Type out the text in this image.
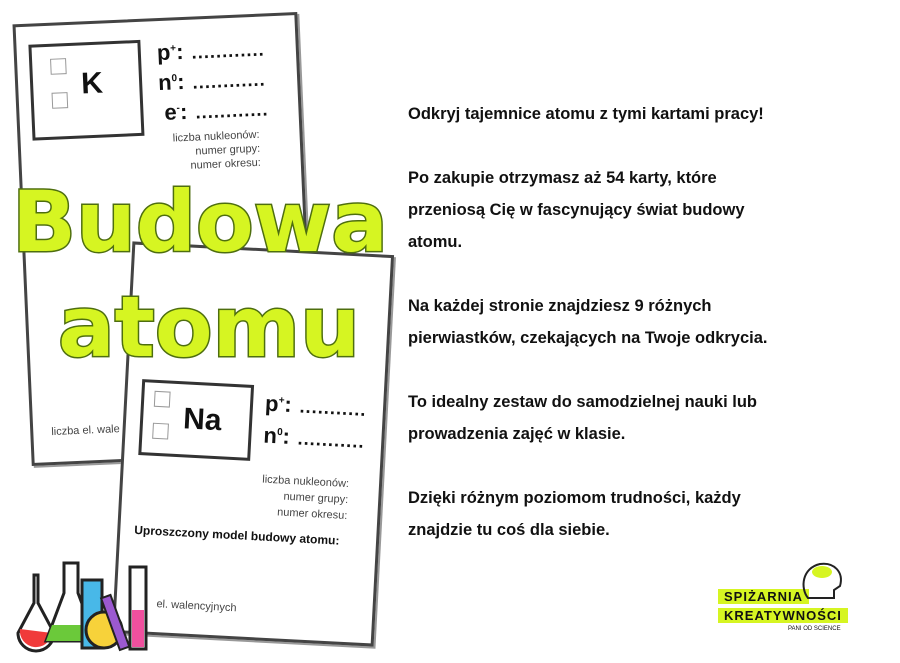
K
p+: ............
$n^0$: ............
e-: ............
liczba nukleonów:
numer grupy:
numer okresu:
liczba el. wale Na p+: ...........
$n^0$: ...........
liczba nukleonów:
numer grupy:
numer okresu:
Uproszczony model budowy atomu:
el. walencyjnych
Budowa
atomu

Odkryj tajemnice atomu z tymi kartami pracy!

Po zakupie otrzymasz aż 54 karty, które
przeniosą Cię w fascynujący świat budowy
atomu.

Na każdej stronie znajdziesz 9 różnych
pierwiastków, czekających na Twoje odkrycia.

To idealny zestaw do samodzielnej nauki lub
prowadzenia zajęć w klasie.

Dzięki różnym poziomom trudności, każdy
znajdzie tu coś dla siebie.

SPIŻARNIA
KREATYWNOŚCI
PANI OD SCIENCE
